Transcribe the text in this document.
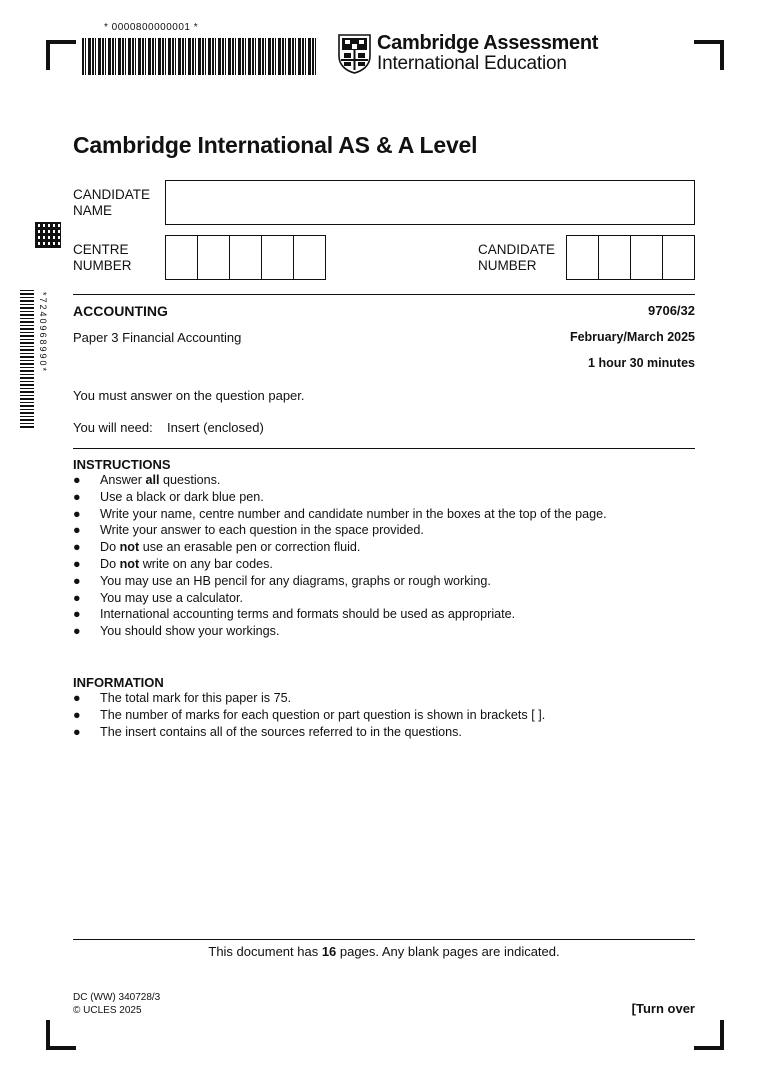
* 0000800000001 *
Cambridge Assessment
International Education
*7240968990*
Cambridge International AS & A Level
CANDIDATE
NAME
CENTRE
NUMBER
CANDIDATE
NUMBER
ACCOUNTING	9706/32
Paper 3 Financial Accounting	February/March 2025
1 hour 30 minutes
You must answer on the question paper.
You will need: Insert (enclosed)
INSTRUCTIONS
● Answer all questions.
● Use a black or dark blue pen.
● Write your name, centre number and candidate number in the boxes at the top of the page.
● Write your answer to each question in the space provided.
● Do not use an erasable pen or correction fluid.
● Do not write on any bar codes.
● You may use an HB pencil for any diagrams, graphs or rough working.
● You may use a calculator.
● International accounting terms and formats should be used as appropriate.
● You should show your workings.
INFORMATION
● The total mark for this paper is 75.
● The number of marks for each question or part question is shown in brackets [ ].
● The insert contains all of the sources referred to in the questions.
This document has 16 pages. Any blank pages are indicated.
DC (WW) 340728/3
© UCLES 2025	[Turn over
